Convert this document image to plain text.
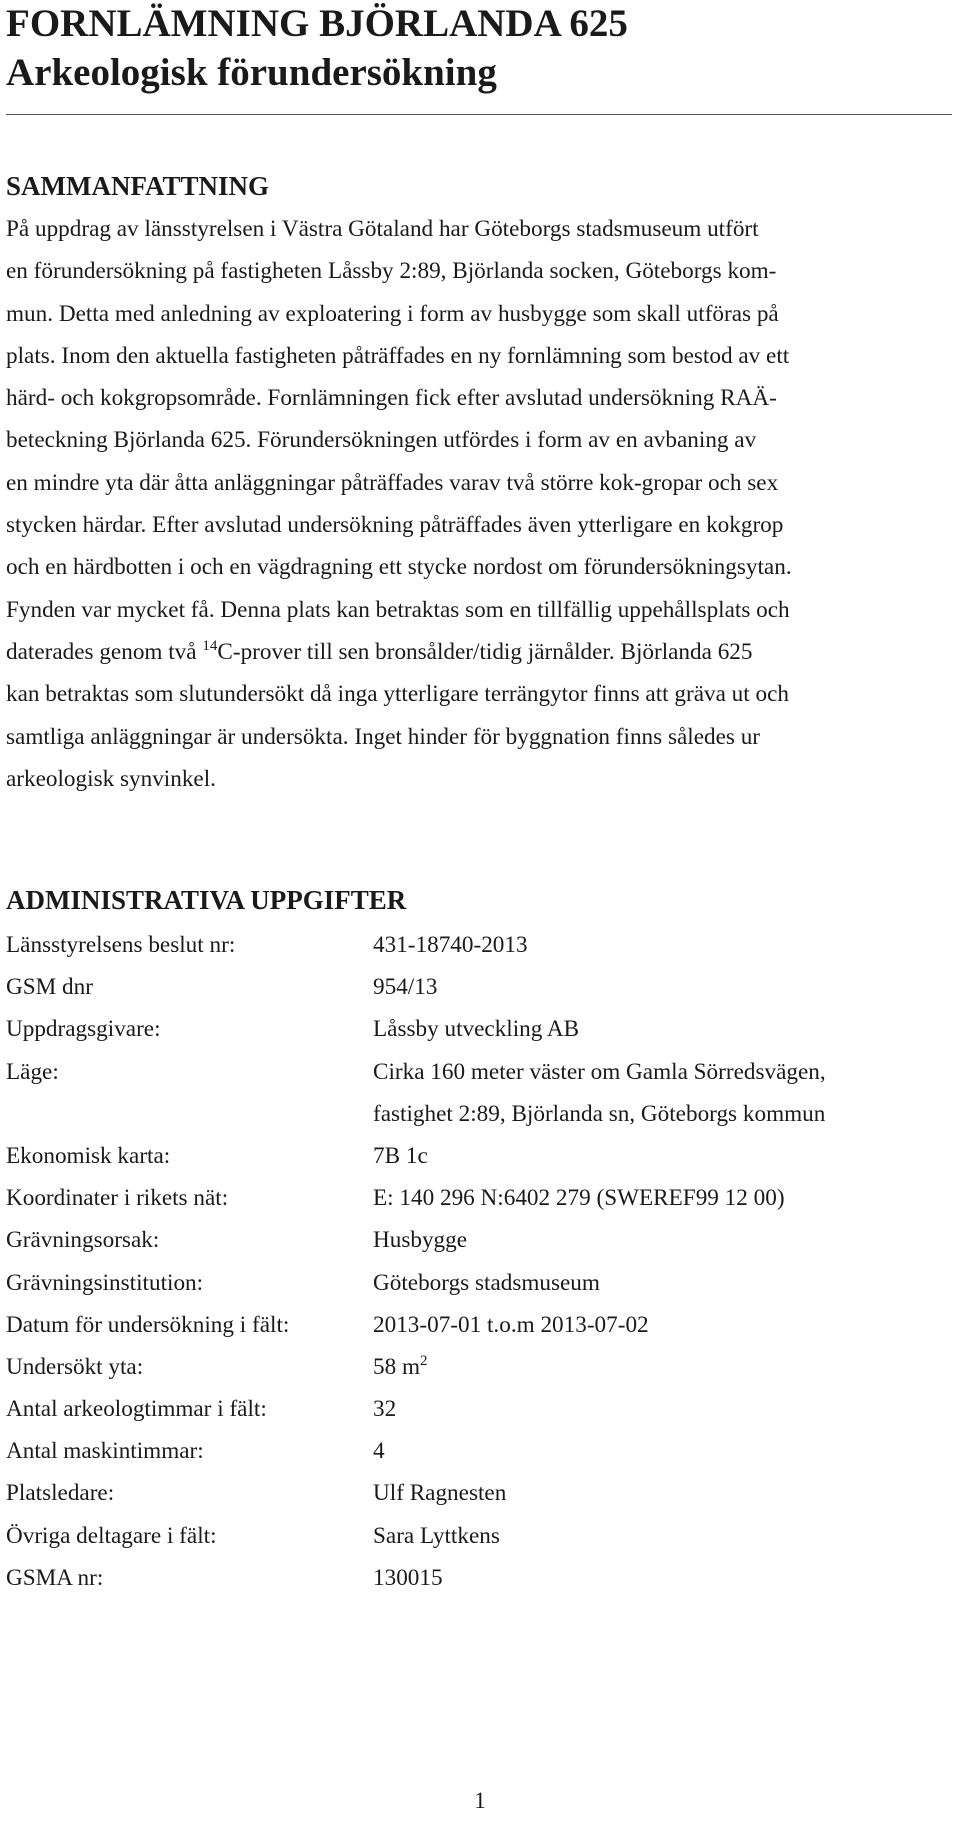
FORNLÄMNING BJÖRLANDA 625
Arkeologisk förundersökning
SAMMANFATTNING

På uppdrag av länsstyrelsen i Västra Götaland har Göteborgs stadsmuseum utfört
en förundersökning på fastigheten Låssby 2:89, Björlanda socken, Göteborgs kom-
mun. Detta med anledning av exploatering i form av husbygge som skall utföras på
plats. Inom den aktuella fastigheten påträffades en ny fornlämning som bestod av ett
härd- och kokgropsområde. Fornlämningen fick efter avslutad undersökning RAÄ-
beteckning Björlanda 625. Förundersökningen utfördes i form av en avbaning av
en mindre yta där åtta anläggningar påträffades varav två större kok-gropar och sex
stycken härdar. Efter avslutad undersökning påträffades även ytterligare en kokgrop
och en härdbotten i och en vägdragning ett stycke nordost om förundersökningsytan.
Fynden var mycket få. Denna plats kan betraktas som en tillfällig uppehållsplats och
daterades genom två $^{14}$C-prover till sen bronsålder/tidig järnålder. Björlanda 625
kan betraktas som slutundersökt då inga ytterligare terrängytor finns att gräva ut och
samtliga anläggningar är undersökta. Inget hinder för byggnation finns således ur
arkeologisk synvinkel.

ADMINISTRATIVA UPPGIFTER
Länsstyrelsens beslut nr:	431-18740-2013
GSM dnr	954/13
Uppdragsgivare:	Låssby utveckling AB
Läge:	Cirka 160 meter väster om Gamla Sörredsvägen,
fastighet 2:89, Björlanda sn, Göteborgs kommun
Ekonomisk karta:	7B 1c
Koordinater i rikets nät:	E: 140 296 N:6402 279 (SWEREF99 12 00)
Grävningsorsak:	Husbygge
Grävningsinstitution:	Göteborgs stadsmuseum
Datum för undersökning i fält:	2013-07-01 t.o.m 2013-07-02
Undersökt yta:	58 $m^2$
Antal arkeologtimmar i fält:	32
Antal maskintimmar:	4
Platsledare:	Ulf Ragnesten
Övriga deltagare i fält:	Sara Lyttkens
GSMA nr:	130015
1
